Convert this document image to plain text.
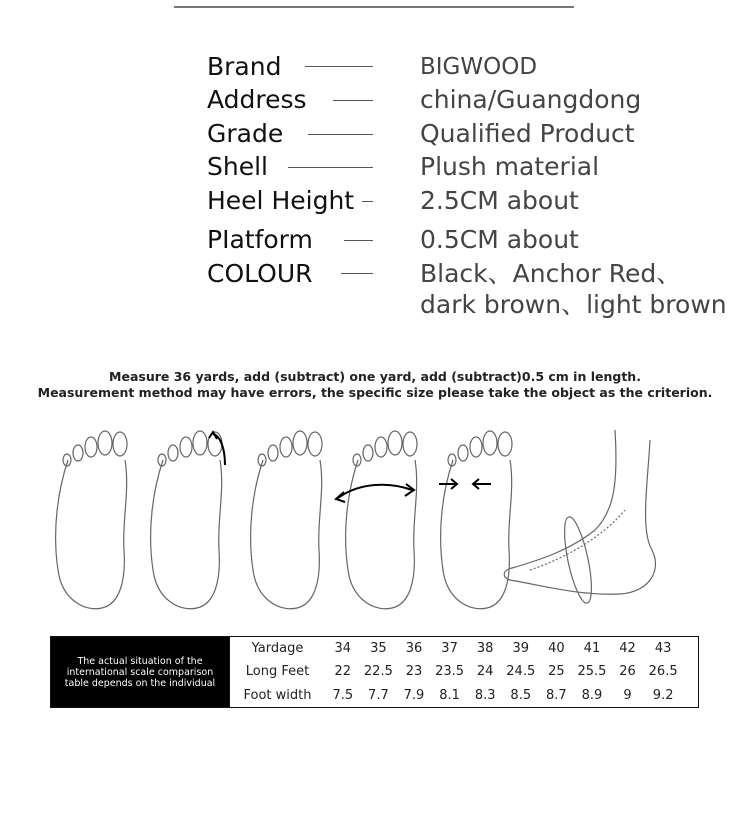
Brand	BIGWOOD
Address	china/Guangdong
Grade	Qualified Product
Shell	Plush material
Heel Height	2.5CM about
PIatform	0.5CM about
COLOUR	Black、Anchor Red、
dark brown、light brown
Measure 36 yards, add (subtract) one yard, add (subtract)0.5 cm in length.
Measurement method may have errors, the specific size please take the object as the criterion.
The actual situation of the international scale comparison table depends on the individual
Yardage	34	35	36	37	38	39	40	41	42	43
Long Feet	22 22.5 23 23.5 24 24.5 25 25.5 26 26.5
Foot width	7.5	7.7	7.9	8.1	8.3	8.5	8.7	8.9	9	9.2
